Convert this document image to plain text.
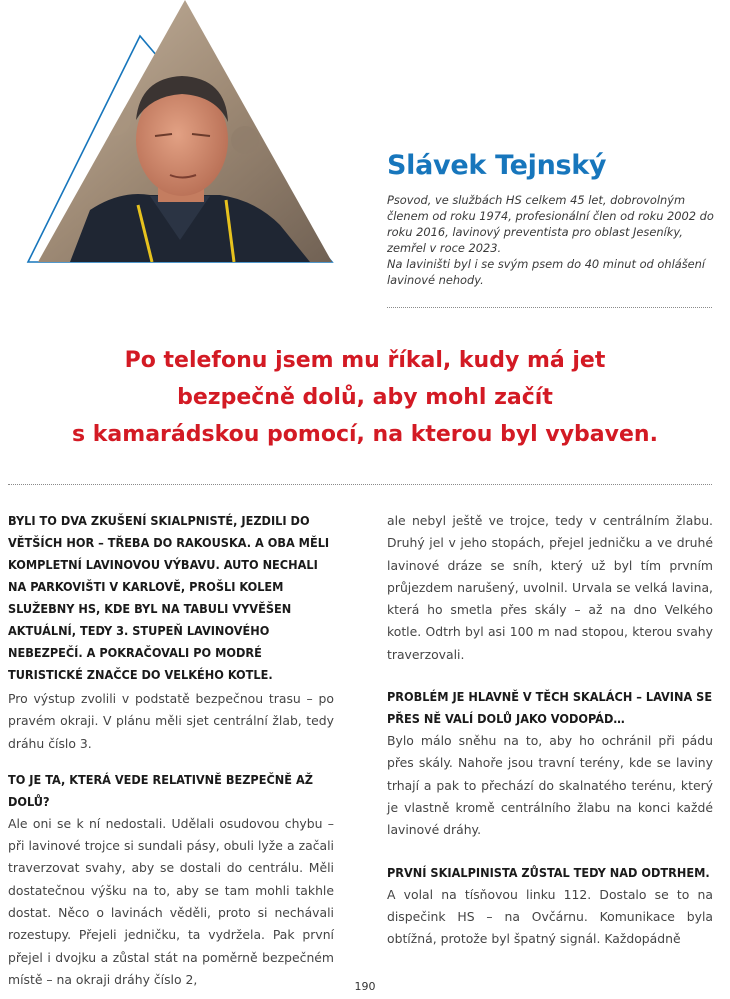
Slávek Tejnský

Psovod, ve službách HS celkem 45 let, dobrovolným členem od roku 1974, profesionální člen od roku 2002 do roku 2016, lavinový preventista pro oblast Jeseníky, zemřel v roce 2023.

Na laviništi byl i se svým psem do 40 minut od ohlášení lavinové nehody.

Po telefonu jsem mu říkal, kudy má jet
bezpečně dolů, aby mohl začít
s kamarádskou pomocí, na kterou byl vybaven.

BYLI TO DVA ZKUŠENÍ SKIALPNISTÉ, JEZDILI DO VĚTŠÍCH HOR – TŘEBA DO RAKOUSKA. A OBA MĚLI KOMPLETNÍ LAVINOVOU VÝBAVU. AUTO NECHALI NA PARKOVIŠTI V KARLOVĚ, PROŠLI KOLEM SLUŽEBNY HS, KDE BYL NA TABULI VYVĚŠEN AKTUÁLNÍ, TEDY 3. STUPEŇ LAVINOVÉHO NEBEZPEČÍ. A POKRAČOVALI PO MODRÉ TURISTICKÉ ZNAČCE DO VELKÉHO KOTLE.

Pro výstup zvolili v podstatě bezpečnou trasu – po pravém okraji. V plánu měli sjet centrální žlab, tedy dráhu číslo 3.

TO JE TA, KTERÁ VEDE RELATIVNĚ BEZPEČNĚ AŽ DOLŮ?

Ale oni se k ní nedostali. Udělali osudovou chybu – při lavinové trojce si sundali pásy, obuli lyže a začali traverzovat svahy, aby se dostali do centrálu. Měli dostatečnou výšku na to, aby se tam mohli takhle dostat. Něco o lavinách věděli, proto si nechávali rozestupy. Přejeli jedničku, ta vydržela. Pak první přejel i dvojku a zůstal stát na poměrně bezpečném místě – na okraji dráhy číslo 2,

ale nebyl ještě ve trojce, tedy v centrálním žlabu. Druhý jel v jeho stopách, přejel jedničku a ve druhé lavinové dráze se sníh, který už byl tím prvním průjezdem narušený, uvolnil. Urvala se velká lavina, která ho smetla přes skály – až na dno Velkého kotle. Odtrh byl asi 100 m nad stopou, kterou svahy traverzovali.

PROBLÉM JE HLAVNĚ V TĚCH SKALÁCH – LAVINA SE PŘES NĚ VALÍ DOLŮ JAKO VODOPÁD…

Bylo málo sněhu na to, aby ho ochránil při pádu přes skály. Nahoře jsou travní terény, kde se laviny trhají a pak to přechází do skalnatého terénu, který je vlastně kromě centrálního žlabu na konci každé lavinové dráhy.

PRVNÍ SKIALPINISTA ZŮSTAL TEDY NAD ODTRHEM.

A volal na tísňovou linku 112. Dostalo se to na dispečink HS – na Ovčárnu. Komunikace byla obtížná, protože byl špatný signál. Každopádně

190
